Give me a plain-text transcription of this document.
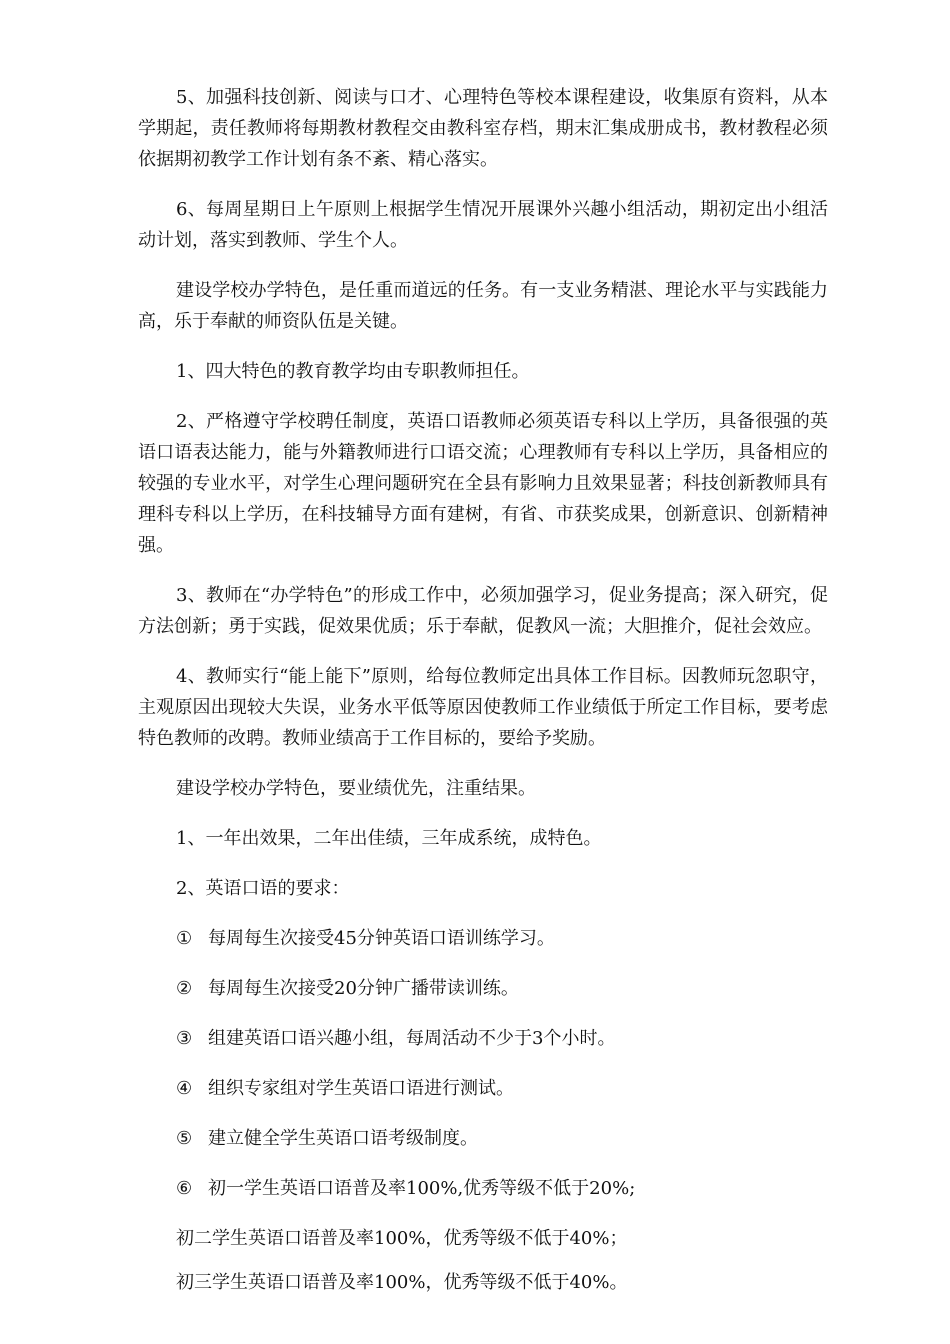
5、加强科技创新、阅读与口才、心理特色等校本课程建设，收集原有资料，从本学期起，责任教师将每期教材教程交由教科室存档，期末汇集成册成书，教材教程必须依据期初教学工作计划有条不紊、精心落实。

6、每周星期日上午原则上根据学生情况开展课外兴趣小组活动，期初定出小组活动计划，落实到教师、学生个人。

建设学校办学特色，是任重而道远的任务。有一支业务精湛、理论水平与实践能力高，乐于奉献的师资队伍是关键。

1、四大特色的教育教学均由专职教师担任。

2、严格遵守学校聘任制度，英语口语教师必须英语专科以上学历，具备很强的英语口语表达能力，能与外籍教师进行口语交流；心理教师有专科以上学历，具备相应的较强的专业水平，对学生心理问题研究在全县有影响力且效果显著；科技创新教师具有理科专科以上学历，在科技辅导方面有建树，有省、市获奖成果，创新意识、创新精神强。

3、教师在“办学特色”的形成工作中，必须加强学习，促业务提高；深入研究，促方法创新；勇于实践，促效果优质；乐于奉献，促教风一流；大胆推介，促社会效应。

4、教师实行“能上能下”原则，给每位教师定出具体工作目标。因教师玩忽职守，主观原因出现较大失误，业务水平低等原因使教师工作业绩低于所定工作目标，要考虑特色教师的改聘。教师业绩高于工作目标的，要给予奖励。

建设学校办学特色，要业绩优先，注重结果。

1、一年出效果，二年出佳绩，三年成系统，成特色。

2、英语口语的要求：

① 每周每生次接受45分钟英语口语训练学习。
② 每周每生次接受20分钟广播带读训练。
③ 组建英语口语兴趣小组，每周活动不少于3个小时。
④ 组织专家组对学生英语口语进行测试。
⑤ 建立健全学生英语口语考级制度。
⑥ 初一学生英语口语普及率100%,优秀等级不低于20%;
初二学生英语口语普及率100%，优秀等级不低于40%；
初三学生英语口语普及率100%，优秀等级不低于40%。
